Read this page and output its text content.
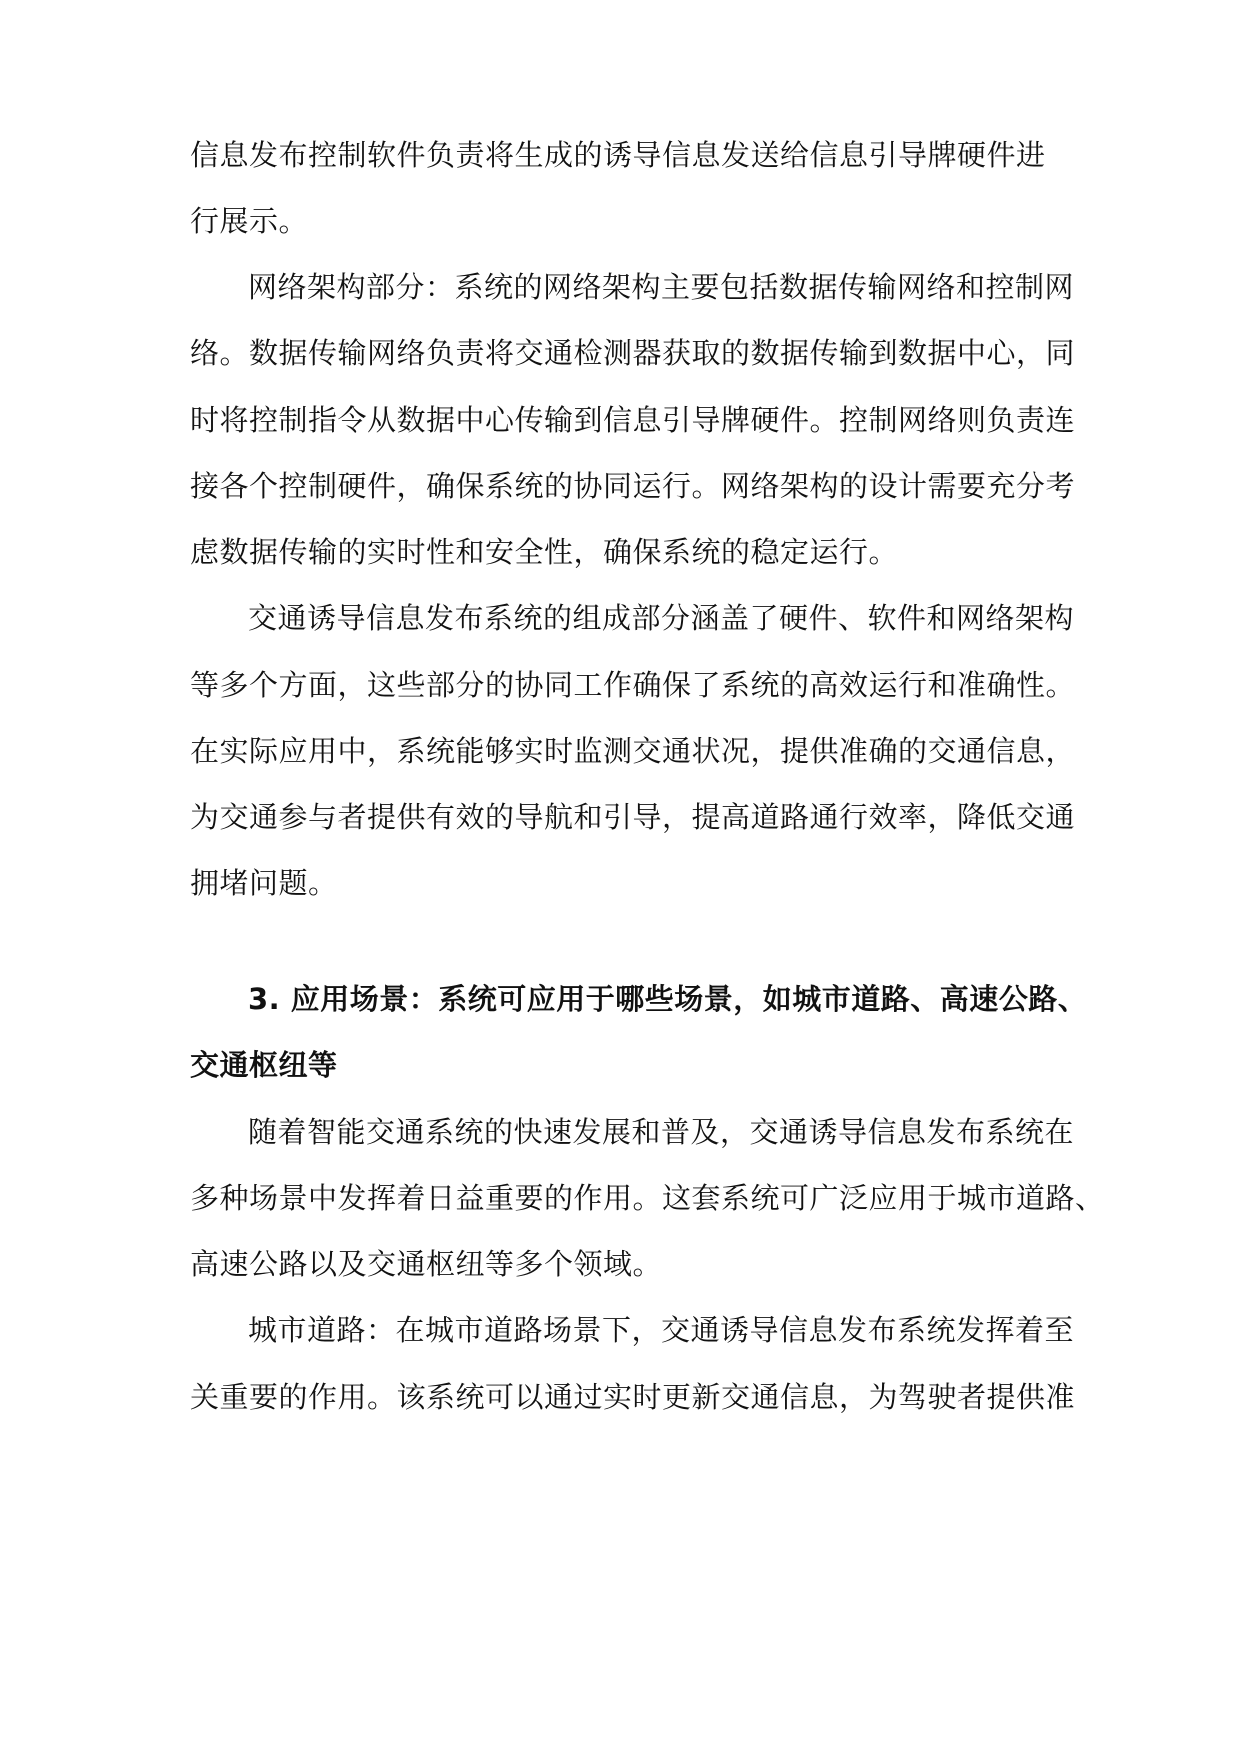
信息发布控制软件负责将生成的诱导信息发送给信息引导牌硬件进
行展示。
网络架构部分：系统的网络架构主要包括数据传输网络和控制网
络。数据传输网络负责将交通检测器获取的数据传输到数据中心，同
时将控制指令从数据中心传输到信息引导牌硬件。控制网络则负责连
接各个控制硬件，确保系统的协同运行。网络架构的设计需要充分考
虑数据传输的实时性和安全性，确保系统的稳定运行。
交通诱导信息发布系统的组成部分涵盖了硬件、软件和网络架构
等多个方面，这些部分的协同工作确保了系统的高效运行和准确性。
在实际应用中，系统能够实时监测交通状况，提供准确的交通信息，
为交通参与者提供有效的导航和引导，提高道路通行效率，降低交通
拥堵问题。
3. 应用场景：系统可应用于哪些场景，如城市道路、高速公路、
交通枢纽等
随着智能交通系统的快速发展和普及，交通诱导信息发布系统在
多种场景中发挥着日益重要的作用。这套系统可广泛应用于城市道路、
高速公路以及交通枢纽等多个领域。
城市道路：在城市道路场景下，交通诱导信息发布系统发挥着至
关重要的作用。该系统可以通过实时更新交通信息，为驾驶者提供准
